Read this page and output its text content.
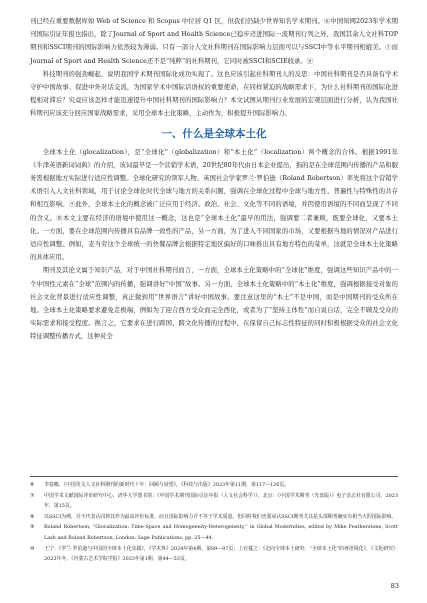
刊已经在重要数据库如 Web of Science 和 Scopus 中位居 Q1 区，但我们仍缺少世界知名学术期刊。⑥中国知网2023年学术期刊国际引证年报也指出，除了Journal of Sport and Health Science已稳步迈进国际一流期刊行列之外，我国其余人文社科TOP期刊和SSCI期刊的国际影响力依然较为薄弱。只有一部分人文社科期刊在国际影响力层面可以与SSCI中等水平期刊相媲美。⑦而Journal of Sport and Health Science还不是“纯粹”的社科期刊，它同时被SSCI和SCIE收录。⑧

科技期刊的强劲崛起，说明我国学术期刊国际化成功实现了。这也应该引起社科期刊人的反思：中国社科期刊是否具备有学术守护中国故事、促进中外对话交流，为国家学术中国际话语权的重要使命，在同样紧迫的战略需求下，为什么社科期刊的国际化进程相对滞后？究竟应该怎样才能迅速提升中国社科期刊的国际影响力？本文试图从期刊行业发展的宏观层面进行分析，认为我国社科期刊应该充分回应国家战略需求，采用全球本土化策略，主动作为，积极提升国际影响力。

一、什么是全球本土化

全球本土化（glocalization），是“全球化”（globalization）和“本土化”（localization）两个概念的合体。根据1991年《牛津英语新词词典》的介绍，该词最早是一个营销学术语，20世纪80年代由日本企业提出，指的是在全球范围内传播的产品和服务需根据地方实际进行适应性调整。全球化研究的领军人物、英国社会学家罗兰·罗伯逊（Roland Robertson）率先将这个营销学术语引入人文社科领域，用于讨论全球化时代全球与地方的关系问题，强调在全球化过程中全球与地方性、普遍性与特殊性的共存和相互影响。⑨此外，全球本土化的概念被广泛应用于经济、政治、社会、文化等不同的语境，并因使用语境的不同而呈现了不同的含义。⑩本文主要在经济的语境中使用这一概念，这也是“全球本土化”最早的用法，强调要二者兼顾，既要全球化，又要本土化。一方面，要在全球范围内传播具有品牌一致性的产品，另一方面，为了进入不同国家的市场，又要根据当地的情况对产品进行适应性调整。例如，麦当劳这个全球统一的快餐品牌会根据特定地区偏好的口味推出具有地方特色的菜单，这就是全球本土化策略的具体应用。

期刊及其论文属于知识产品，对于中国社科期刊而言，一方面，全球本土化策略中的“全球化”维度，强调这些知识产品中的一个中国性元素在“全球”范围内的传播，强调讲好“中国”故事。另一方面，全球本土化策略中的“本土化”维度，强调根据接受对象的社会文化背景进行适应性调整，真正做到用“世界语言”讲好中国故事。要注意这里的“本土”不是中国，而是中国期刊的受众所在地。全球本土化策略要求避免走极端，例如为了迎合西方受众而完全西化，或者为了“坚持主体性”而自说自话，完全不顾及受众的实际需求和接受程度。换言之，它要求在进行跨国、跨文化传播的过程中，在保留自己标志性特征的同时积极根据受众的社会文化特征调整传播方式，这种对全

⑥	李春娜。《中国英文人文社科期刊的新时代十年：回顾与展望》，《科技与出版》2023年第11期，第117—126页。

⑦	中国学术文献国际评价研究中心、清华大学图书馆：《中国学术期刊国际引证年报（人文社会科学）》，北京：《中国学术期刊（光盘版）》电子杂志社有限公司，2023年，第15页。

⑧	以SSCI为例，并不代表认同将其作为最高评价标准，而且国际影响力并不等于学术质量。但同时我们也要承认SSCI期刊尤其是头部期刊确实有相当大的国际影响。

⑨	Roland Robertson, “Glocalization: Time-Space and Homogeneity-Heterogeneity,” in Global Modernities, edited by Mike Featherstone, Scott Lash and Roland Robertson, London: Sage Publications, pp. 25—44.

⑩	王宁：《罗兰·罗伯逊与中国的全球本土化实践》，《学术界》2024年第4期，第89—97页；上官蔓之：《走向全球本土研究：“全球本土化”的再语境化》，《文化研究》2023年冬，《内蒙古艺术学院学报》2023年第1期，第44—53页。

83
